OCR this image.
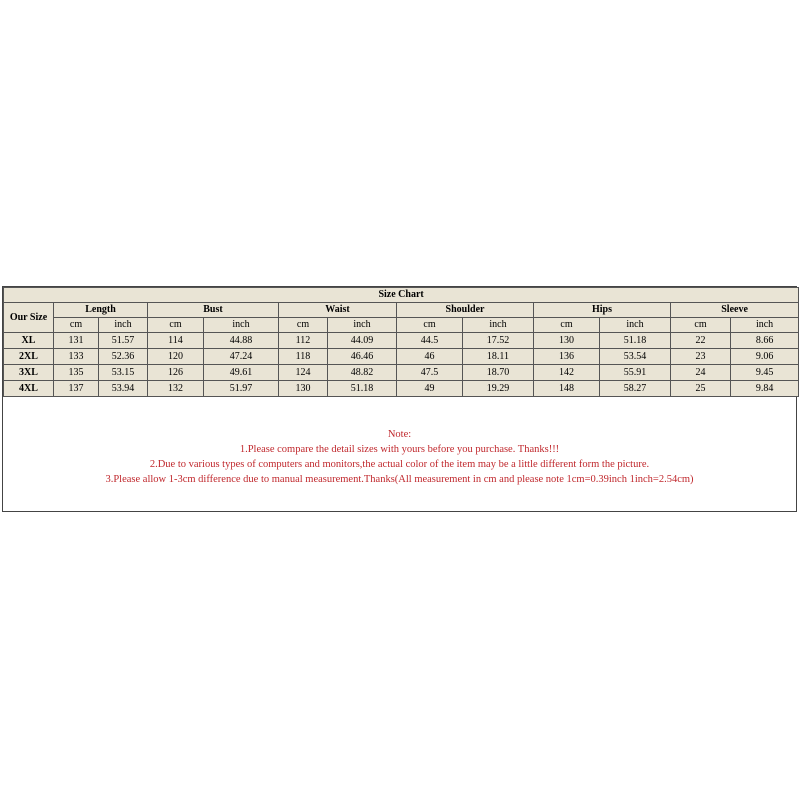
Size Chart												
Our Size	Length		Bust		Waist		Shoulder		Hips		Sleeve	
	cm	inch	cm	inch	cm	inch	cm	inch	cm	inch	cm	inch
XL	131	51.57	114	44.88	112	44.09	44.5	17.52	130	51.18	22	8.66
2XL	133	52.36	120	47.24	118	46.46	46	18.11	136	53.54	23	9.06
3XL	135	53.15	126	49.61	124	48.82	47.5	18.70	142	55.91	24	9.45
4XL	137	53.94	132	51.97	130	51.18	49	19.29	148	58.27	25	9.84
Note:
1.Please compare the detail sizes with yours before you purchase. Thanks!!!
2.Due to various types of computers and monitors,the actual color of the item may be a little different form the picture.
3.Please allow 1-3cm difference due to manual measurement.Thanks(All measurement in cm and please note 1cm=0.39inch 1inch=2.54cm)
